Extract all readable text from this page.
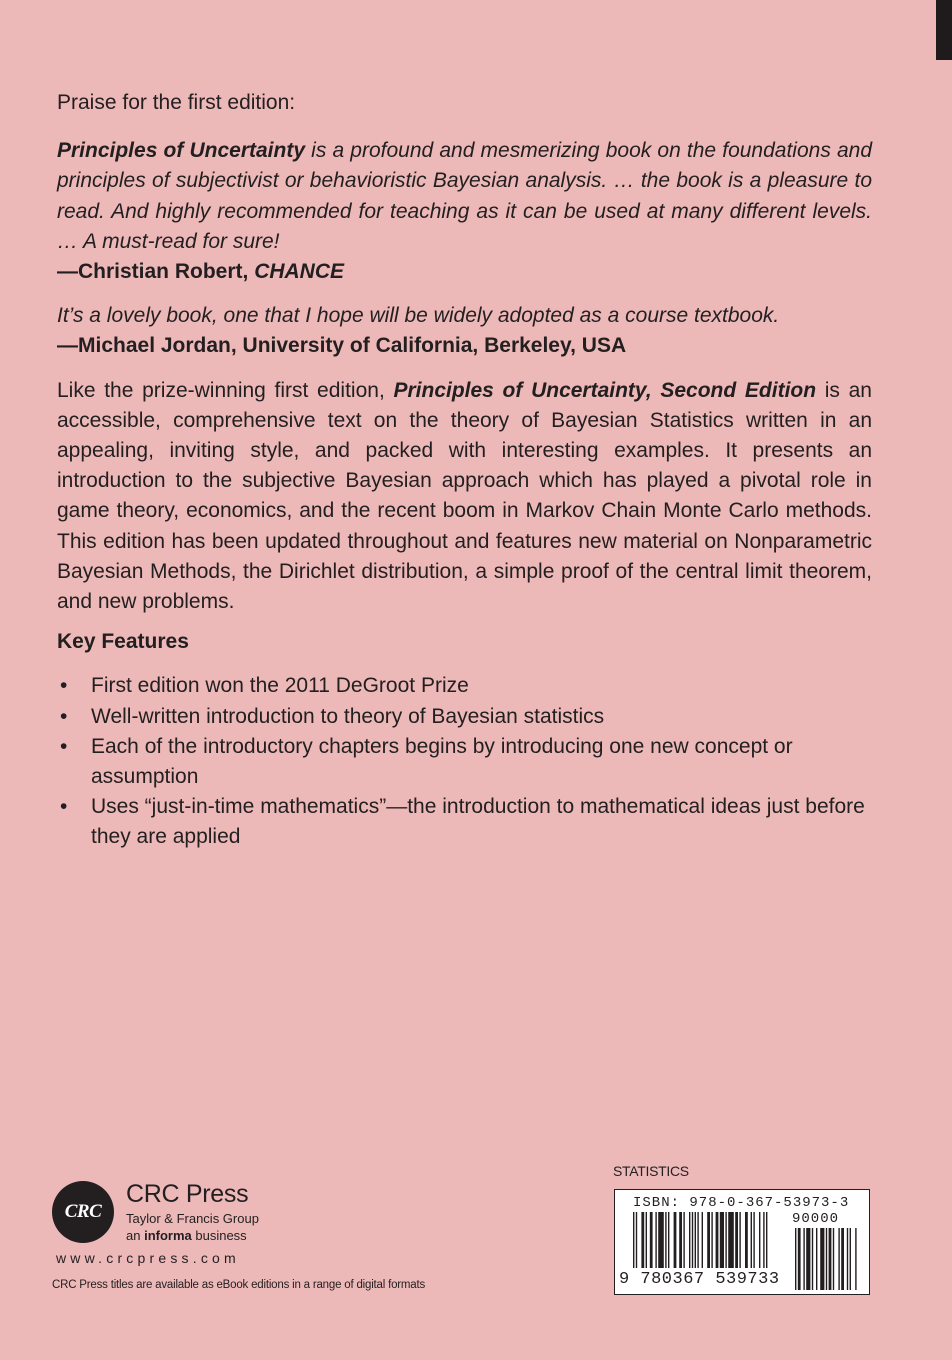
Praise for the first edition:

Principles of Uncertainty is a profound and mesmerizing book on the foundations and principles of subjectivist or behavioristic Bayesian analysis. … the book is a pleasure to read. And highly recommended for teaching as it can be used at many different levels. … A must-read for sure!

—Christian Robert, CHANCE

It’s a lovely book, one that I hope will be widely adopted as a course textbook.

—Michael Jordan, University of California, Berkeley, USA

Like the prize-winning first edition, Principles of Uncertainty, Second Edition is an accessible, comprehensive text on the theory of Bayesian Statistics written in an appealing, inviting style, and packed with interesting examples. It presents an introduction to the subjective Bayesian approach which has played a pivotal role in game theory, economics, and the recent boom in Markov Chain Monte Carlo methods. This edition has been updated throughout and features new material on Nonparametric Bayesian Methods, the Dirichlet distribution, a simple proof of the central limit theorem, and new problems.

Key Features

• First edition won the 2011 DeGroot Prize
• Well-written introduction to theory of Bayesian statistics
• Each of the introductory chapters begins by introducing one new concept or assumption
• Uses “just-in-time mathematics”—the introduction to mathematical ideas just before they are applied
CRC
CRC Press
Taylor & Francis Group
an informa business
www.crcpress.com
CRC Press titles are available as eBook editions in a range of digital formats
STATISTICS
ISBN: 978-0-367-53973-3
90000
9 780367 539733
